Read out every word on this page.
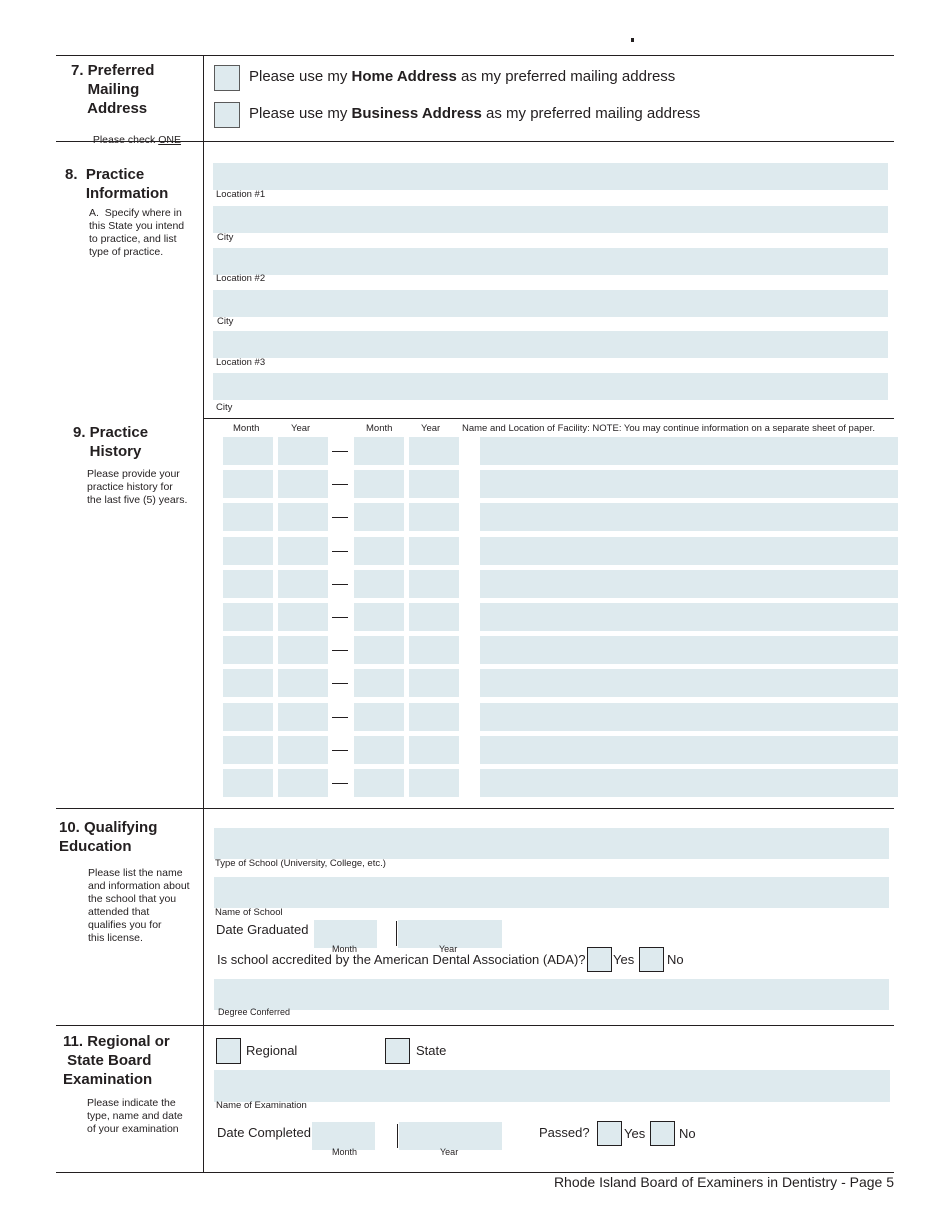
7. Preferred
Mailing
Address

Please check ONE

Please use my Home Address as my preferred mailing address
Please use my Business Address as my preferred mailing address
8.  Practice
Information
A.  Specify where in
this State you intend
to practice, and list
type of practice.
Location #1
City
Location #2
City
Location #3
City
9. Practice
History
Please provide your
practice history for
the last five (5) years.
Month	Year	Month	Year Name and Location of Facility: NOTE: You may continue information on a separate sheet of paper.
10. Qualifying
Education
Please list the name
and information about
the school that you
attended that
qualifies you for
this license.
Type of School (University, College, etc.)
Name of School
Date Graduated
Month	Year
Is school accredited by the American Dental Association (ADA)? Yes	No
Degree Conferred
11. Regional or
State Board
Examination
Please indicate the
type, name and date
of your examination
Regional	State
Name of Examination
Date Completed
Month	Year
Passed?	Yes	No
Rhode Island Board of Examiners in Dentistry - Page 5
